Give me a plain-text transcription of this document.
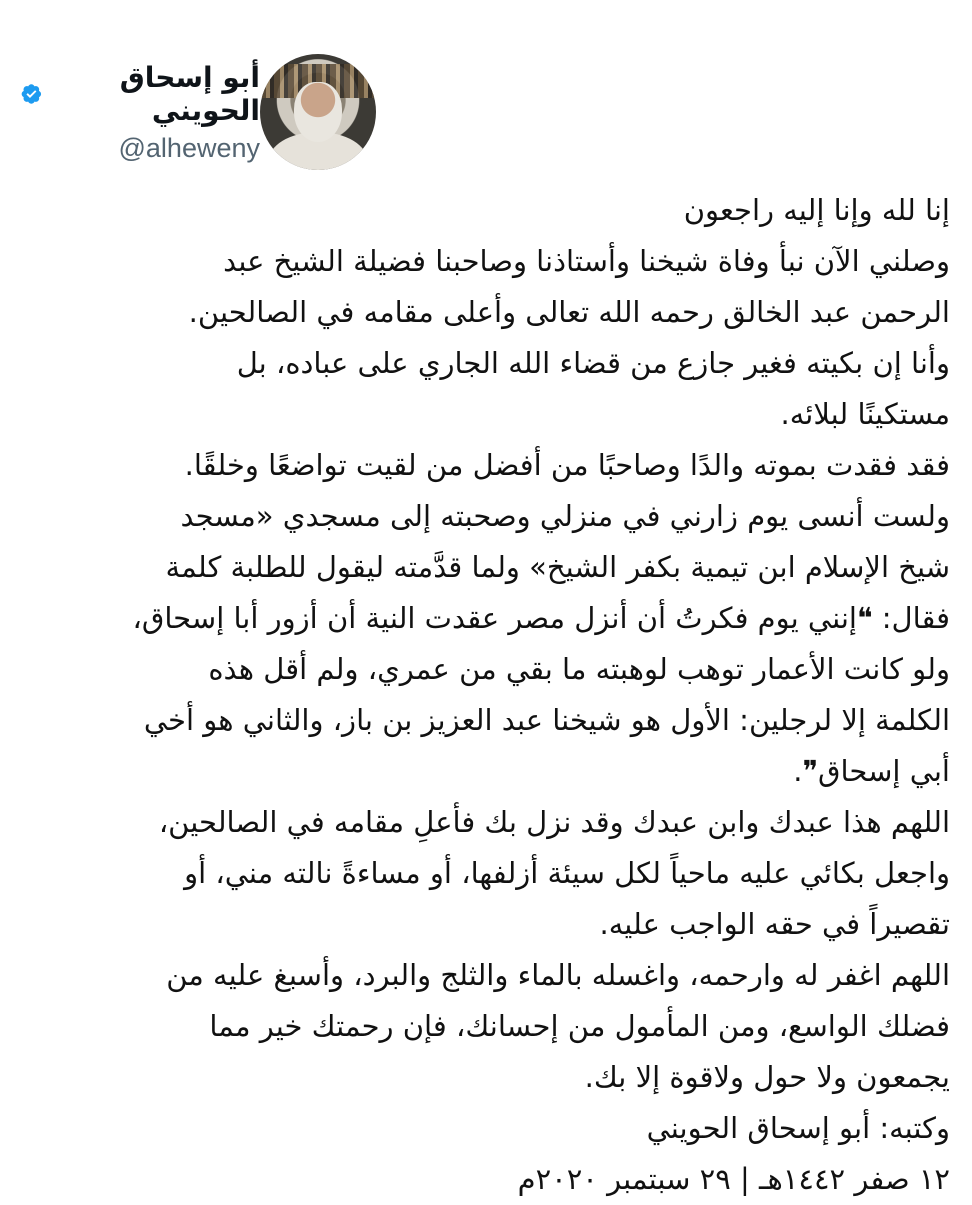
أبو إسحاق الحويني
@alheweny
إنا لله وإنا إليه راجعون
وصلني الآن نبأ وفاة شيخنا وأستاذنا وصاحبنا فضيلة الشيخ عبد
الرحمن عبد الخالق رحمه الله تعالى وأعلى مقامه في الصالحين.
وأنا إن بكيته فغير جازع من قضاء الله الجاري على عباده، بل
مستكينًا لبلائه.
فقد فقدت بموته والدًا وصاحبًا من أفضل من لقيت تواضعًا وخلقًا.
ولست أنسى يوم زارني في منزلي وصحبته إلى مسجدي «مسجد
شيخ الإسلام ابن تيمية بكفر الشيخ» ولما قدَّمته ليقول للطلبة كلمة
فقال: ❝إنني يوم فكرتُ أن أنزل مصر عقدت النية أن أزور أبا إسحاق،
ولو كانت الأعمار توهب لوهبته ما بقي من عمري، ولم أقل هذه
الكلمة إلا لرجلين: الأول هو شيخنا عبد العزيز بن باز، والثاني هو أخي
أبي إسحاق❞.
اللهم هذا عبدك وابن عبدك وقد نزل بك فأعلِ مقامه في الصالحين،
واجعل بكائي عليه ماحياً لكل سيئة أزلفها، أو مساءةً نالته مني، أو
تقصيراً في حقه الواجب عليه.
اللهم اغفر له وارحمه، واغسله بالماء والثلج والبرد، وأسبغ عليه من
فضلك الواسع، ومن المأمول من إحسانك، فإن رحمتك خير مما
يجمعون ولا حول ولاقوة إلا بك.
وكتبه: أبو إسحاق الحويني
١٢ صفر ١٤٤٢هـ | ٢٩ سبتمبر ٢٠٢٠م
